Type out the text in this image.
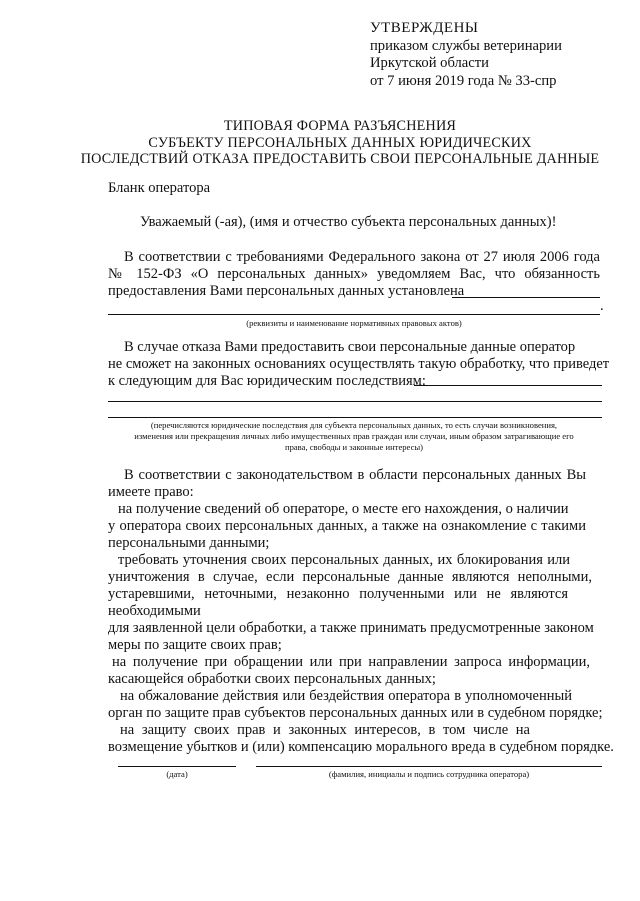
УТВЕРЖДЕНЫ
приказом службы ветеринарии
Иркутской области
от 7 июня 2019 года № 33-спр
ТИПОВАЯ ФОРМА РАЗЪЯСНЕНИЯ
СУБЪЕКТУ ПЕРСОНАЛЬНЫХ ДАННЫХ ЮРИДИЧЕСКИХ
ПОСЛЕДСТВИЙ ОТКАЗА ПРЕДОСТАВИТЬ СВОИ ПЕРСОНАЛЬНЫЕ ДАННЫЕ
Бланк оператора
Уважаемый (-ая), (имя и отчество субъекта персональных данных)!
В соответствии с требованиями Федерального закона от 27 июля 2006 года
№ 152-ФЗ «О персональных данных» уведомляем Вас, что обязанность
предоставления Вами персональных данных установлена
.
(реквизиты и наименование нормативных правовых актов)
В случае отказа Вами предоставить свои персональные данные оператор
не сможет на законных основаниях осуществлять такую обработку, что приведет
к следующим для Вас юридическим последствиям:
(перечисляются юридические последствия для субъекта персональных данных, то есть случаи возникновения,
изменения или прекращения личных либо имущественных прав граждан или случаи, иным образом затрагивающие его
права, свободы и законные интересы)
В соответствии с законодательством в области персональных данных Вы
имеете право:
на получение сведений об операторе, о месте его нахождения, о наличии
у оператора своих персональных данных, а также на ознакомление с такими
персональными данными;
требовать уточнения своих персональных данных, их блокирования или
уничтожения в случае, если персональные данные являются неполными,
устаревшими, неточными, незаконно полученными или не являются
необходимыми
для заявленной цели обработки, а также принимать предусмотренные законом
меры по защите своих прав;
на получение при обращении или при направлении запроса информации,
касающейся обработки своих персональных данных;
на обжалование действия или бездействия оператора в уполномоченный
орган по защите прав субъектов персональных данных или в судебном порядке;
на защиту своих прав и законных интересов, в том числе на
возмещение убытков и (или) компенсацию морального вреда в судебном порядке.
(дата)	(фамилия, инициалы и подпись сотрудника оператора)
